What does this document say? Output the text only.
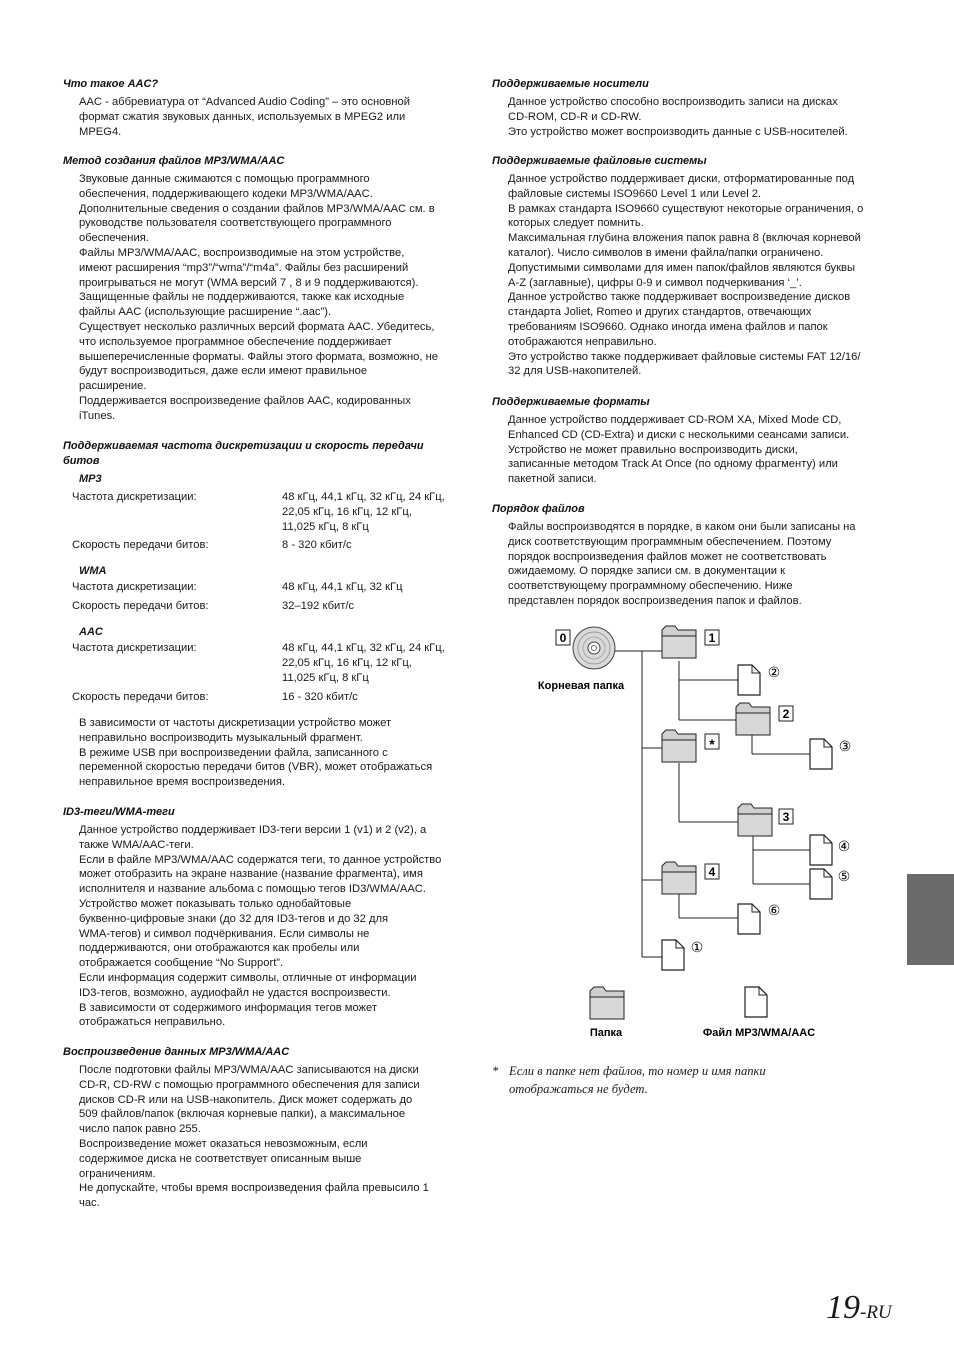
Что такое AAC?
AAC - аббревиатура от “Advanced Audio Coding” – это основной
формат сжатия звуковых данных, используемых в MPEG2 или
MPEG4.
Метод создания файлов MP3/WMA/AAC
Звуковые данные сжимаются с помощью программного
обеспечения, поддерживающего кодеки MP3/WMA/AAC.
Дополнительные сведения о создании файлов MP3/WMA/AAC см. в
руководстве пользователя соответствующего программного
обеспечения.
Файлы MP3/WMA/AAC, воспроизводимые на этом устройстве,
имеют расширения “mp3”/“wma”/“m4a”. Файлы без расширений
проигрываться не могут (WMA версий 7 , 8 и 9 поддерживаются).
Защищенные файлы не поддерживаются, также как исходные
файлы AAC (использующие расширение “.aac”).
Существует несколько различных версий формата AAC. Убедитесь,
что используемое программное обеспечение поддерживает
вышеперечисленные форматы. Файлы этого формата, возможно, не
будут воспроизводиться, даже если имеют правильное
расширение.
Поддерживается воспроизведение файлов AAC, кодированных
iTunes.
Поддерживаемая частота дискретизации и скорость передачи
битов
MP3
Частота дискретизации:	48 кГц, 44,1 кГц, 32 кГц, 24 кГц,
22,05 кГц, 16 кГц, 12 кГц,
11,025 кГц, 8 кГц
Скорость передачи битов:	8 - 320 кбит/с
WMA
Частота дискретизации:	48 кГц, 44,1 кГц, 32 кГц
Скорость передачи битов:	32–192 кбит/с
AAC
Частота дискретизации:	48 кГц, 44,1 кГц, 32 кГц, 24 кГц,
22,05 кГц, 16 кГц, 12 кГц,
11,025 кГц, 8 кГц
Скорость передачи битов:	16 - 320 кбит/с
В зависимости от частоты дискретизации устройство может
неправильно воспроизводить музыкальный фрагмент.
В режиме USB при воспроизведении файла, записанного с
переменной скоростью передачи битов (VBR), может отображаться
неправильное время воспроизведения.
ID3-теги/WMA-теги
Данное устройство поддерживает ID3-теги версии 1 (v1) и 2 (v2), а
также WMA/AAC-теги.
Если в файле MP3/WMA/AAC содержатся теги, то данное устройство
может отобразить на экране название (название фрагмента), имя
исполнителя и название альбома с помощью тегов ID3/WMA/AAC.
Устройство может показывать только однобайтовые
буквенно-цифровые знаки (до 32 для ID3-тегов и до 32 для
WMA-тегов) и символ подчёркивания. Если символы не
поддерживаются, они отображаются как пробелы или
отображается сообщение “No Support”.
Если информация содержит символы, отличные от информации
ID3-тегов, возможно, аудиофайл не удастся воспроизвести.
В зависимости от содержимого информация тегов может
отображаться неправильно.
Воспроизведение данных MP3/WMA/AAC
После подготовки файлы MP3/WMA/AAC записываются на диски
CD-R, CD-RW с помощью программного обеспечения для записи
дисков CD-R или на USB-накопитель. Диск может содержать до
509 файлов/папок (включая корневые папки), а максимальное
число папок равно 255.
Воспроизведение может оказаться невозможным, если
содержимое диска не соответствует описанным выше
ограничениям.
Не допускайте, чтобы время воспроизведения файла превысило 1
час.
Поддерживаемые носители
Данное устройство способно воспроизводить записи на дисках
CD-ROM, CD-R и CD-RW.
Это устройство может воспроизводить данные с USB-носителей.
Поддерживаемые файловые системы
Данное устройство поддерживает диски, отформатированные под
файловые системы ISO9660 Level 1 или Level 2.
В рамках стандарта ISO9660 существуют некоторые ограничения, о
которых следует помнить.
Максимальная глубина вложения папок равна 8 (включая корневой
каталог). Число символов в имени файла/папки ограничено.
Допустимыми символами для имен папок/файлов являются буквы
A-Z (заглавные), цифры 0-9 и символ подчеркивания ‘_’.
Данное устройство также поддерживает воспроизведение дисков
стандарта Joliet, Romeo и других стандартов, отвечающих
требованиям ISO9660. Однако иногда имена файлов и папок
отображаются неправильно.
Это устройство также поддерживает файловые системы FAT 12/16/
32 для USB-накопителей.
Поддерживаемые форматы
Данное устройство поддерживает CD-ROM XA, Mixed Mode CD,
Enhanced CD (CD-Extra) и диски с несколькими сеансами записи.
Устройство не может правильно воспроизводить диски,
записанные методом Track At Once (по одному фрагменту) или
пакетной записи.
Порядок файлов
Файлы воспроизводятся в порядке, в каком они были записаны на
диск соответствующим программным обеспечением. Поэтому
порядок воспроизведения файлов может не соответствовать
ожидаемому. О порядке записи см. в документации к
соответствующему программному обеспечению. Ниже
представлен порядок воспроизведения папок и файлов.
0
Корневая папка
1
②
2
③
*
3
④
⑤
4
⑥
①
Папка	Файл MP3/WMA/AAC
* Если в папке нет файлов, то номер и имя папки
отображаться не будет.
19-RU
